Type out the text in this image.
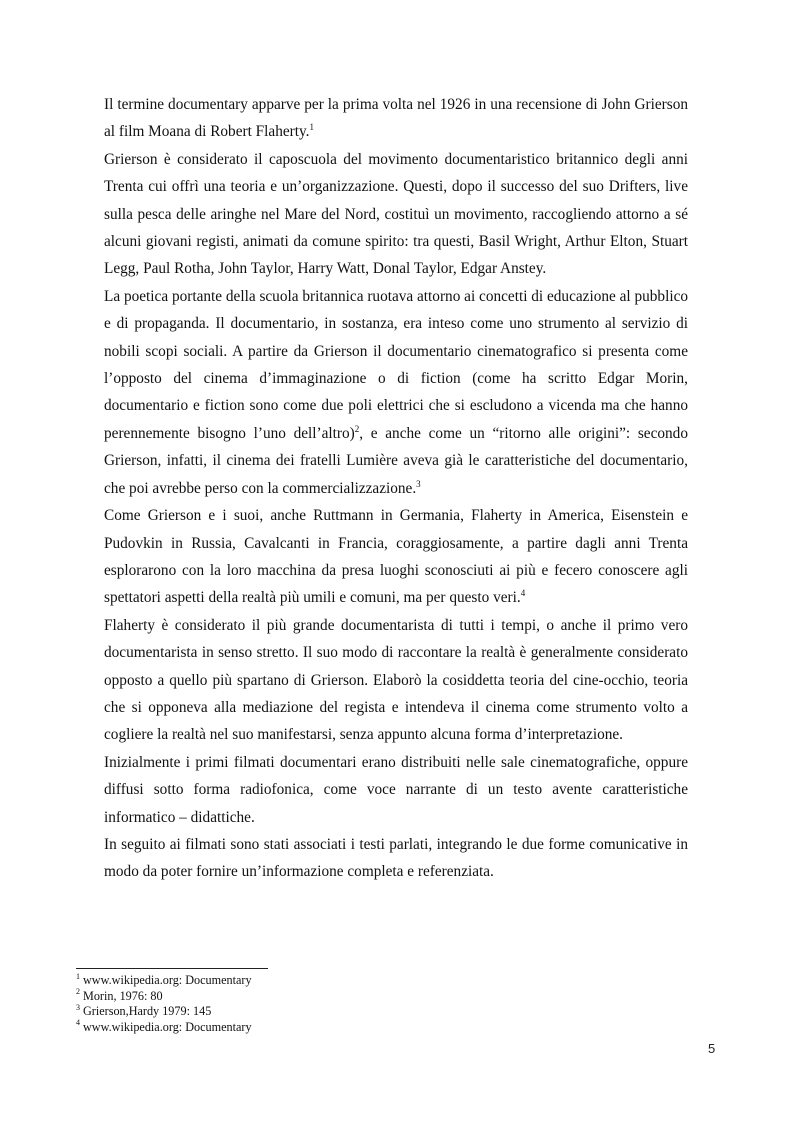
Il termine documentary apparve per la prima volta nel 1926 in una recensione di John Grierson al film Moana di Robert Flaherty.$^1$

Grierson è considerato il caposcuola del movimento documentaristico britannico degli anni Trenta cui offrì una teoria e un’organizzazione. Questi, dopo il successo del suo Drifters, live sulla pesca delle aringhe nel Mare del Nord, costituì un movimento, raccogliendo attorno a sé alcuni giovani registi, animati da comune spirito: tra questi, Basil Wright, Arthur Elton, Stuart Legg, Paul Rotha, John Taylor, Harry Watt, Donal Taylor, Edgar Anstey.

La poetica portante della scuola britannica ruotava attorno ai concetti di educazione al pubblico e di propaganda. Il documentario, in sostanza, era inteso come uno strumento al servizio di nobili scopi sociali. A partire da Grierson il documentario cinematografico si presenta come l’opposto del cinema d’immaginazione o di fiction (come ha scritto Edgar Morin, documentario e fiction sono come due poli elettrici che si escludono a vicenda ma che hanno perennemente bisogno l’uno dell’altro)$^2$, e anche come un “ritorno alle origini”: secondo Grierson, infatti, il cinema dei fratelli Lumière aveva già le caratteristiche del documentario, che poi avrebbe perso con la commercializzazione.$^3$

Come Grierson e i suoi, anche Ruttmann in Germania, Flaherty in America, Eisenstein e Pudovkin in Russia, Cavalcanti in Francia, coraggiosamente, a partire dagli anni Trenta esplorarono con la loro macchina da presa luoghi sconosciuti ai più e fecero conoscere agli spettatori aspetti della realtà più umili e comuni, ma per questo veri.$^4$

Flaherty è considerato il più grande documentarista di tutti i tempi, o anche il primo vero documentarista in senso stretto. Il suo modo di raccontare la realtà è generalmente considerato opposto a quello più spartano di Grierson. Elaborò la cosiddetta teoria del cine-occhio, teoria che si opponeva alla mediazione del regista e intendeva il cinema come strumento volto a cogliere la realtà nel suo manifestarsi, senza appunto alcuna forma d’interpretazione.

Inizialmente i primi filmati documentari erano distribuiti nelle sale cinematografiche, oppure diffusi sotto forma radiofonica, come voce narrante di un testo avente caratteristiche informatico – didattiche.

In seguito ai filmati sono stati associati i testi parlati, integrando le due forme comunicative in modo da poter fornire un’informazione completa e referenziata.

$^1$ www.wikipedia.org: Documentary
$^2$ Morin, 1976: 80
$^3$ Grierson,Hardy 1979: 145
$^4$ www.wikipedia.org: Documentary
5
